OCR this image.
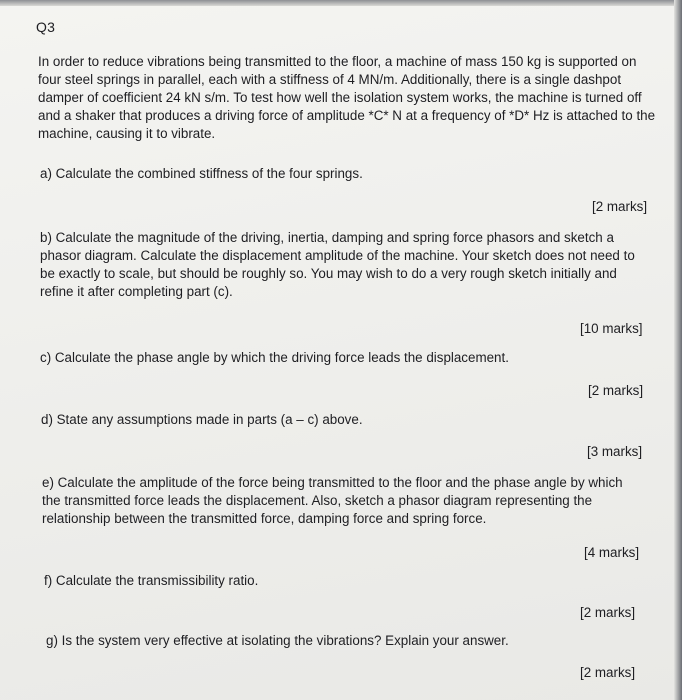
Q3
In order to reduce vibrations being transmitted to the floor, a machine of mass 150 kg is supported on four steel springs in parallel, each with a stiffness of 4 MN/m. Additionally, there is a single dashpot damper of coefficient 24 kN s/m. To test how well the isolation system works, the machine is turned off and a shaker that produces a driving force of amplitude *C* N at a frequency of *D* Hz is attached to the machine, causing it to vibrate.
a) Calculate the combined stiffness of the four springs.
[2 marks]
b) Calculate the magnitude of the driving, inertia, damping and spring force phasors and sketch a phasor diagram. Calculate the displacement amplitude of the machine. Your sketch does not need to be exactly to scale, but should be roughly so. You may wish to do a very rough sketch initially and refine it after completing part (c).
[10 marks]
c) Calculate the phase angle by which the driving force leads the displacement.
[2 marks]
d) State any assumptions made in parts (a – c) above.
[3 marks]
e) Calculate the amplitude of the force being transmitted to the floor and the phase angle by which the transmitted force leads the displacement. Also, sketch a phasor diagram representing the relationship between the transmitted force, damping force and spring force.
[4 marks]
f) Calculate the transmissibility ratio.
[2 marks]
g) Is the system very effective at isolating the vibrations? Explain your answer.
[2 marks]
